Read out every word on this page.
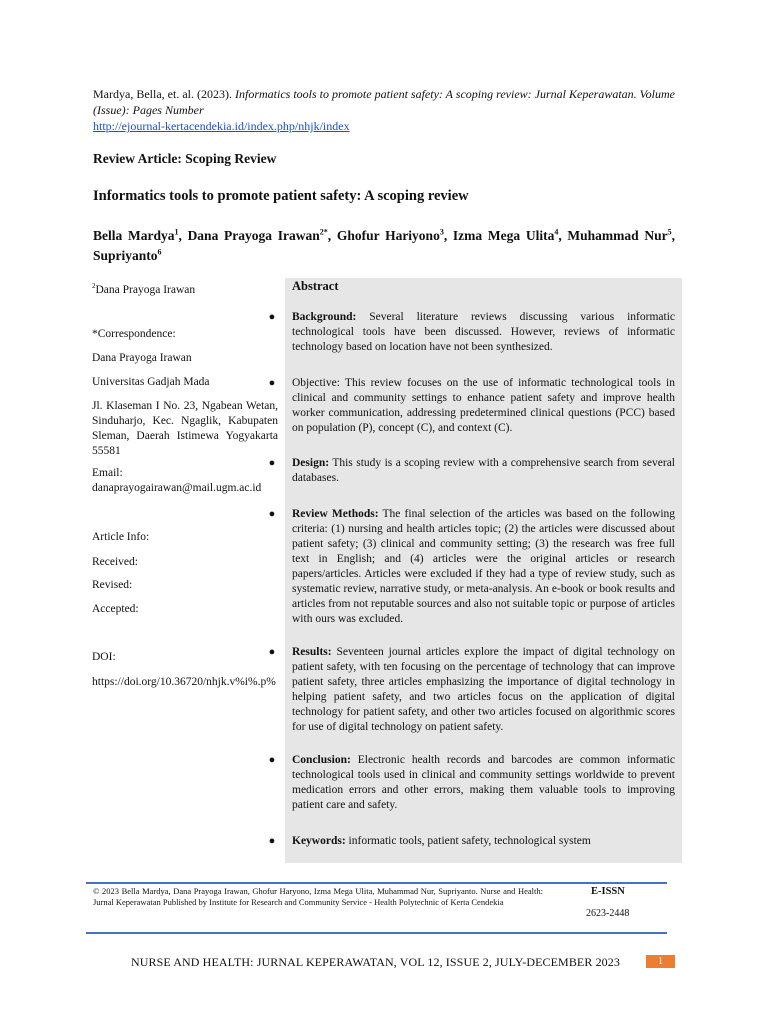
Mardya, Bella, et. al. (2023). Informatics tools to promote patient safety: A scoping review: Jurnal Keperawatan. Volume (Issue): Pages Number
http://ejournal-kertacendekia.id/index.php/nhjk/index
Review Article: Scoping Review
Informatics tools to promote patient safety: A scoping review
Bella Mardya$^1$, Dana Prayoga Irawan$^{2*}$, Ghofur Hariyono$^3$, Izma Mega Ulita$^4$, Muhammad Nur$^5$, Supriyanto$^6$
$^2$Dana Prayoga Irawan
*Correspondence:
Dana Prayoga Irawan
Universitas Gadjah Mada
Jl. Klaseman I No. 23, Ngabean Wetan, Sinduharjo, Kec. Ngaglik, Kabupaten Sleman, Daerah Istimewa Yogyakarta 55581
Email:
danaprayogairawan@mail.ugm.ac.id
Article Info:
Received:
Revised:
Accepted:
DOI:
https://doi.org/10.36720/nhjk.v%i%.p%
●
●
●
●
●
●
●
Abstract
Background: Several literature reviews discussing various informatic technological tools have been discussed. However, reviews of informatic technology based on location have not been synthesized.
Objective: This review focuses on the use of informatic technological tools in clinical and community settings to enhance patient safety and improve health worker communication, addressing predetermined clinical questions (PCC) based on population (P), concept (C), and context (C).
Design: This study is a scoping review with a comprehensive search from several databases.
Review Methods: The final selection of the articles was based on the following criteria: (1) nursing and health articles topic; (2) the articles were discussed about patient safety; (3) clinical and community setting; (3) the research was free full text in English; and (4) articles were the original articles or research papers/articles. Articles were excluded if they had a type of review study, such as systematic review, narrative study, or meta-analysis. An e-book or book results and articles from not reputable sources and also not suitable topic or purpose of articles with ours was excluded.
Results: Seventeen journal articles explore the impact of digital technology on patient safety, with ten focusing on the percentage of technology that can improve patient safety, three articles emphasizing the importance of digital technology in helping patient safety, and two articles focus on the application of digital technology for patient safety, and other two articles focused on algorithmic scores for use of digital technology on patient safety.
Conclusion: Electronic health records and barcodes are common informatic technological tools used in clinical and community settings worldwide to prevent medication errors and other errors, making them valuable tools to improving patient care and safety.
Keywords: informatic tools, patient safety, technological system
© 2023 Bella Mardya, Dana Prayoga Irawan, Ghofur Haryono, Izma Mega Ulita, Muhammad Nur, Supriyanto. Nurse and Health: Jurnal Keperawatan Published by Institute for Research and Community Service - Health Polytechnic of Kerta Cendekia
E-ISSN
2623-2448
NURSE AND HEALTH: JURNAL KEPERAWATAN, VOL 12, ISSUE 2, JULY-DECEMBER 2023	1
